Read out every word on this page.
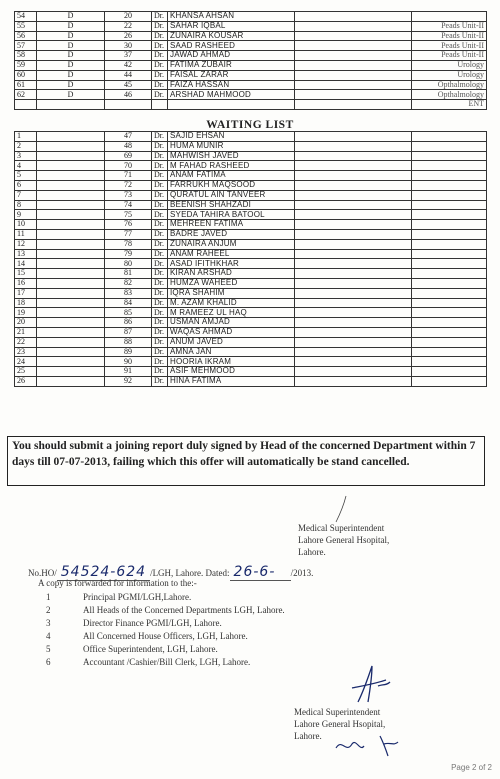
54	D	20	Dr.	KHANSA AHSAN		
55	D	22	Dr.	SAHAR IQBAL		Peads Unit-II
56	D	26	Dr.	ZUNAIRA KOUSAR		Peads Unit-II
57	D	30	Dr.	SAAD RASHEED		Peads Unit-II
58	D	37	Dr.	JAWAD AHMAD		Peads Unit-II
59	D	42	Dr.	FATIMA ZUBAIR		Urology
60	D	44	Dr.	FAISAL ZARAR		Urology
61	D	45	Dr.	FAIZA HASSAN		Opthalmology
62	D	46	Dr.	ARSHAD MAHMOOD		Opthalmology
						ENT
WAITING LIST
1		47	Dr.	SAJID EHSAN		
2		48	Dr.	HUMA MUNIR		
3		69	Dr.	MAHWISH JAVED		
4		70	Dr.	M FAHAD RASHEED		
5		71	Dr.	ANAM FATIMA		
6		72	Dr.	FARRUKH MAQSOOD		
7		73	Dr.	QURATUL AIN TANVEER		
8		74	Dr.	BEENISH SHAHZADI		
9		75	Dr.	SYEDA TAHIRA BATOOL		
10		76	Dr.	MEHREEN FATIMA		
11		77	Dr.	BADRE JAVED		
12		78	Dr.	ZUNAIRA ANJUM		
13		79	Dr.	ANAM RAHEEL		
14		80	Dr.	ASAD IFITHKHAR		
15		81	Dr.	KIRAN ARSHAD		
16		82	Dr.	HUMZA WAHEED		
17		83	Dr.	IQRA SHAHIM		
18		84	Dr.	M. AZAM KHALID		
19		85	Dr.	M RAMEEZ UL HAQ		
20		86	Dr.	USMAN AMJAD		
21		87	Dr.	WAQAS AHMAD		
22		88	Dr.	ANUM JAVED		
23		89	Dr.	AMNA JAN		
24		90	Dr.	HOORIA IKRAM		
25		91	Dr.	ASIF MEHMOOD		
26		92	Dr.	HINA FATIMA		
You should submit a joining report duly signed by Head of the concerned Department within 7 days till 07-07-2013, failing which this offer will automatically be stand cancelled.
Medical Superintendent
Lahore General Hsopital,
Lahore.
No.HO/ 54524-624 /LGH, Lahore. Dated: 26-6- /2013.
A copy is forwarded for information to the:-
1	Principal PGMI/LGH,Lahore.
2	All Heads of the Concerned Departments LGH, Lahore.
3	Director Finance PGMI/LGH, Lahore.
4	All Concerned House Officers, LGH, Lahore.
5	Office Superintendent, LGH, Lahore.
6	Accountant /Cashier/Bill Clerk, LGH, Lahore.
Medical Superintendent
Lahore General Hsopital,
Lahore.
Page 2 of 2
